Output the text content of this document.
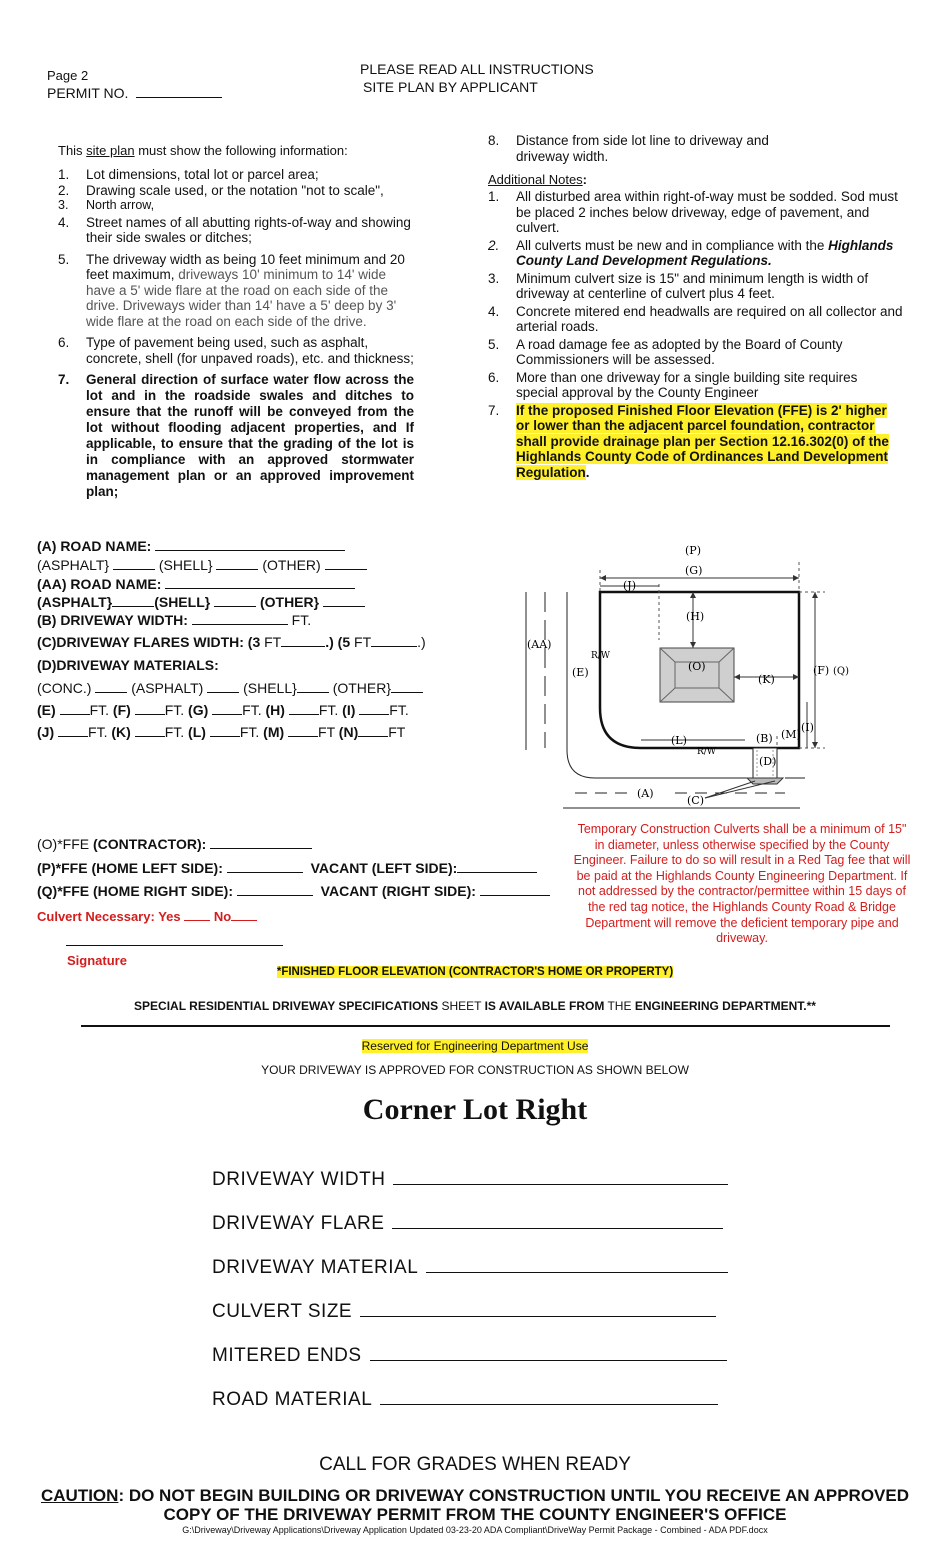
Page 2
PERMIT NO.
PLEASE READ ALL INSTRUCTIONS
SITE PLAN BY APPLICANT
This site plan must show the following information:
1. Lot dimensions, total lot or parcel area;
2. Drawing scale used, or the notation "not to scale",
3. North arrow,
4. Street names of all abutting rights-of-way and showing their side swales or ditches;
5. The driveway width as being 10 feet minimum and 20 feet maximum, driveways 10' minimum to 14' wide have a 5' wide flare at the road on each side of the drive. Driveways wider than 14' have a 5' deep by 3' wide flare at the road on each side of the drive.
6. Type of pavement being used, such as asphalt, concrete, shell (for unpaved roads), etc. and thickness;
7. General direction of surface water flow across the lot and in the roadside swales and ditches to ensure that the runoff will be conveyed from the lot without flooding adjacent properties, and If applicable, to ensure that the grading of the lot is in compliance with an approved stormwater management plan or an approved improvement plan;
8. Distance from side lot line to driveway and driveway width.
Additional Notes:
1. All disturbed area within right-of-way must be sodded. Sod must be placed 2 inches below driveway, edge of pavement, and culvert.
2. All culverts must be new and in compliance with the Highlands County Land Development Regulations.
3. Minimum culvert size is 15" and minimum length is width of driveway at centerline of culvert plus 4 feet.
4. Concrete mitered end headwalls are required on all collector and arterial roads.
5. A road damage fee as adopted by the Board of County Commissioners will be assessed.
6. More than one driveway for a single building site requires special approval by the County Engineer
7. If the proposed Finished Floor Elevation (FFE) is 2' higher or lower than the adjacent parcel foundation, contractor shall provide drainage plan per Section 12.16.302(0) of the Highlands County Code of Ordinances Land Development Regulation.
(A) ROAD NAME:
(ASPHALT}	(SHELL}	(OTHER)
(AA) ROAD NAME:
(ASPHALT}	(SHELL}	(OTHER}
(B) DRIVEWAY WIDTH:	FT.
(C)DRIVEWAY FLARES WIDTH: (3 FT	.) (5 FT	.)
(D)DRIVEWAY MATERIALS:
(CONC.)	(ASPHALT)	(SHELL}	(OTHER}
(E) FT. (F) FT. (G) FT. (H) FT. (I) FT.
(J) FT. (K) FT. (L) FT. (M) FT (N) FT
(P)
(G)
(J)
(H)
(AA)
R/W
(E)	(O)
(K)
(F) (Q)
(I)
(M)
(L)	(B)
R/W
(D)
(A)
(C)
(O)*FFE (CONTRACTOR):
(P)*FFE (HOME LEFT SIDE):	VACANT (LEFT SIDE):
(Q)*FFE (HOME RIGHT SIDE):	VACANT (RIGHT SIDE):
Culvert Necessary: Yes	No
Signature
Temporary Construction Culverts shall be a minimum of 15" in diameter, unless otherwise specified by the County Engineer. Failure to do so will result in a Red Tag fee that will be paid at the Highlands County Engineering Department. If not addressed by the contractor/permittee within 15 days of the red tag notice, the Highlands County Road & Bridge Department will remove the deficient temporary pipe and driveway.
*FINISHED FLOOR ELEVATION (CONTRACTOR'S HOME OR PROPERTY)
SPECIAL RESIDENTIAL DRIVEWAY SPECIFICATIONS SHEET IS AVAILABLE FROM THE ENGINEERING DEPARTMENT.**
Reserved for Engineering Department Use
YOUR DRIVEWAY IS APPROVED FOR CONSTRUCTION AS SHOWN BELOW
Corner Lot Right
DRIVEWAY WIDTH
DRIVEWAY FLARE
DRIVEWAY MATERIAL
CULVERT SIZE
MITERED ENDS
ROAD MATERIAL
CALL FOR GRADES WHEN READY
CAUTION: DO NOT BEGIN BUILDING OR DRIVEWAY CONSTRUCTION UNTIL YOU RECEIVE AN APPROVED
COPY OF THE DRIVEWAY PERMIT FROM THE COUNTY ENGINEER'S OFFICE
G:\Driveway\Driveway Applications\Driveway Application Updated 03-23-20 ADA Compliant\DriveWay Permit Package - Combined - ADA PDF.docx
